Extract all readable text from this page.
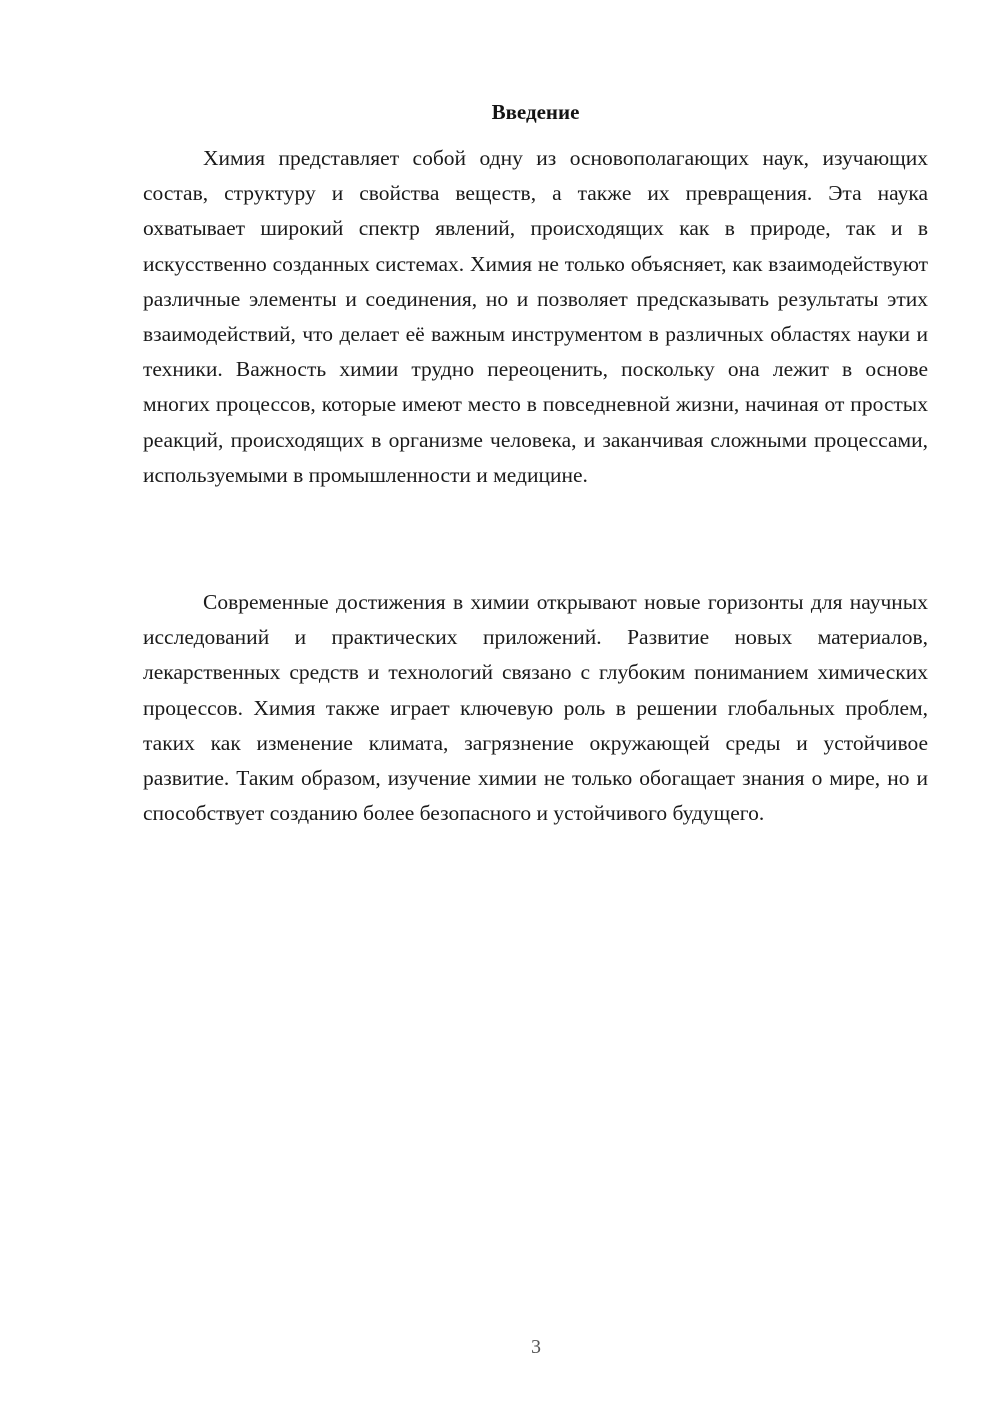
Введение

Химия представляет собой одну из основополагающих наук, изучающих состав, структуру и свойства веществ, а также их превращения. Эта наука охватывает широкий спектр явлений, происходящих как в природе, так и в искусственно созданных системах. Химия не только объясняет, как взаимодействуют различные элементы и соединения, но и позволяет предсказывать результаты этих взаимодействий, что делает её важным инструментом в различных областях науки и техники. Важность химии трудно переоценить, поскольку она лежит в основе многих процессов, которые имеют место в повседневной жизни, начиная от простых реакций, происходящих в организме человека, и заканчивая сложными процессами, используемыми в промышленности и медицине.

Современные достижения в химии открывают новые горизонты для научных исследований и практических приложений. Развитие новых материалов, лекарственных средств и технологий связано с глубоким пониманием химических процессов. Химия также играет ключевую роль в решении глобальных проблем, таких как изменение климата, загрязнение окружающей среды и устойчивое развитие. Таким образом, изучение химии не только обогащает знания о мире, но и способствует созданию более безопасного и устойчивого будущего.

3
